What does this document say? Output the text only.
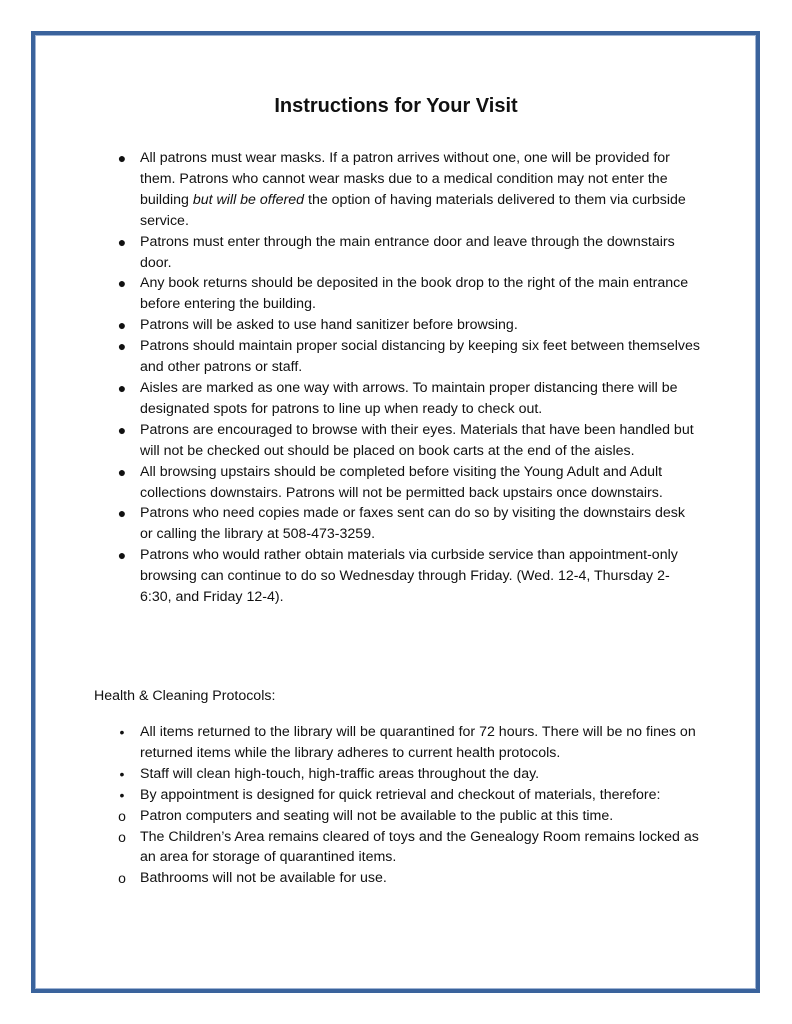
Instructions for Your Visit
● All patrons must wear masks. If a patron arrives without one, one will be provided for them. Patrons who cannot wear masks due to a medical condition may not enter the building but will be offered the option of having materials delivered to them via curbside service.
● Patrons must enter through the main entrance door and leave through the downstairs door.
● Any book returns should be deposited in the book drop to the right of the main entrance before entering the building.
● Patrons will be asked to use hand sanitizer before browsing.
● Patrons should maintain proper social distancing by keeping six feet between themselves and other patrons or staff.
● Aisles are marked as one way with arrows. To maintain proper distancing there will be designated spots for patrons to line up when ready to check out.
● Patrons are encouraged to browse with their eyes. Materials that have been handled but will not be checked out should be placed on book carts at the end of the aisles.
● All browsing upstairs should be completed before visiting the Young Adult and Adult collections downstairs. Patrons will not be permitted back upstairs once downstairs.
● Patrons who need copies made or faxes sent can do so by visiting the downstairs desk or calling the library at 508-473-3259.
● Patrons who would rather obtain materials via curbside service than appointment-only browsing can continue to do so Wednesday through Friday. (Wed. 12-4, Thursday 2-6:30, and Friday 12-4).
Health & Cleaning Protocols:
•	All items returned to the library will be quarantined for 72 hours. There will be no fines on returned items while the library adheres to current health protocols.
•	Staff will clean high-touch, high-traffic areas throughout the day.
•	By appointment is designed for quick retrieval and checkout of materials, therefore:
o Patron computers and seating will not be available to the public at this time.
o The Children’s Area remains cleared of toys and the Genealogy Room remains locked as an area for storage of quarantined items.
o Bathrooms will not be available for use.
